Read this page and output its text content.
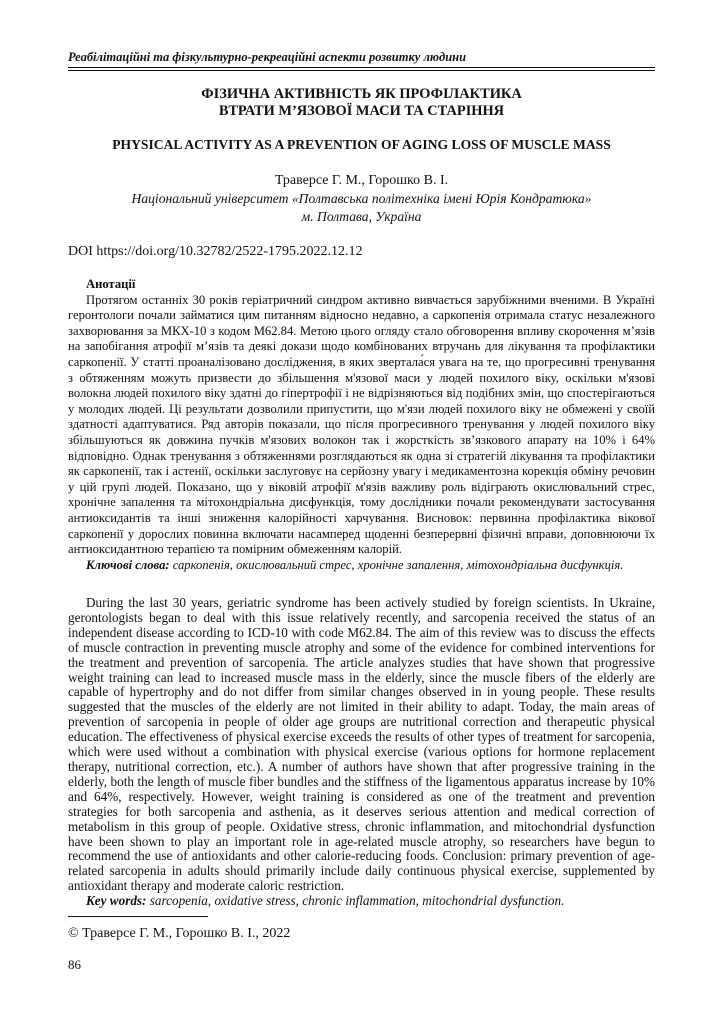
Реабілітаційні та фізкультурно-рекреаційні аспекти розвитку людини
ФІЗИЧНА АКТИВНІСТЬ ЯК ПРОФІЛАКТИКА
ВТРАТИ М’ЯЗОВОЇ МАСИ ТА СТАРІННЯ
PHYSICAL ACTIVITY AS A PREVENTION OF AGING LOSS OF MUSCLE MASS
Траверсе Г. М., Горошко В. І.
Національний університет «Полтавська політехніка імені Юрія Кондратюка»
м. Полтава, Україна
DOI https://doi.org/10.32782/2522-1795.2022.12.12
Анотації

Протягом останніх 30 років геріатричний синдром активно вивчається зарубіжними вченими. В Україні геронтологи почали займатися цим питанням відносно недавно, а саркопенія отримала статус незалежного захворювання за МКХ-10 з кодом M62.84. Метою цього огляду стало обговорення впливу скорочення м’язів на запобігання атрофії м’язів та деякі докази щодо комбінованих втручань для лікування та профілактики саркопенії. У статті проаналізовано дослідження, в яких звертала́ся увага на те, що прогресивні тренування з обтяженням можуть призвести до збільшення м'язової маси у людей похилого віку, оскільки м'язові волокна людей похилого віку здатні до гіпертрофії і не відрізняються від подібних змін, що спостерігаються у молодих людей. Ці результати дозволили припустити, що м'язи людей похилого віку не обмежені у своїй здатності адаптуватися. Ряд авторів показали, що після прогресивного тренування у людей похилого віку збільшуються як довжина пучків м'язових волокон так і жорсткість зв’язкового апарату на 10% і 64% відповідно. Однак тренування з обтяженнями розглядаються як одна зі стратегій лікування та профілактики як саркопенії, так і астенії, оскільки заслуговує на серйозну увагу і медикаментозна корекція обміну речовин у цій групі людей. Показано, що у віковій атрофії м'язів важливу роль відіграють окислювальний стрес, хронічне запалення та мітохондріальна дисфункція, тому дослідники почали рекомендувати застосування антиоксидантів та інші зниження калорійності харчування. Висновок: первинна профілактика вікової саркопенії у дорослих повинна включати насамперед щоденні безперервні фізичні вправи, доповнюючи їх антиоксидантною терапією та помірним обмеженням калорій.

Ключові слова: саркопенія, окислювальний стрес, хронічне запалення, мітохондріальна дисфункція.

During the last 30 years, geriatric syndrome has been actively studied by foreign scientists. In Ukraine, gerontologists began to deal with this issue relatively recently, and sarcopenia received the status of an independent disease according to ICD-10 with code M62.84. The aim of this review was to discuss the effects of muscle contraction in preventing muscle atrophy and some of the evidence for combined interventions for the treatment and prevention of sarcopenia. The article analyzes studies that have shown that progressive weight training can lead to increased muscle mass in the elderly, since the muscle fibers of the elderly are capable of hypertrophy and do not differ from similar changes observed in in young people. These results suggested that the muscles of the elderly are not limited in their ability to adapt. Today, the main areas of prevention of sarcopenia in people of older age groups are nutritional correction and therapeutic physical education. The effectiveness of physical exercise exceeds the results of other types of treatment for sarcopenia, which were used without a combination with physical exercise (various options for hormone replacement therapy, nutritional correction, etc.). A number of authors have shown that after progressive training in the elderly, both the length of muscle fiber bundles and the stiffness of the ligamentous apparatus increase by 10% and 64%, respectively. However, weight training is considered as one of the treatment and prevention strategies for both sarcopenia and asthenia, as it deserves serious attention and medical correction of metabolism in this group of people. Oxidative stress, chronic inflammation, and mitochondrial dysfunction have been shown to play an important role in age-related muscle atrophy, so researchers have begun to recommend the use of antioxidants and other calorie-reducing foods. Conclusion: primary prevention of age-related sarcopenia in adults should primarily include daily continuous physical exercise, supplemented by antioxidant therapy and moderate caloric restriction.

Key words: sarcopenia, oxidative stress, chronic inflammation, mitochondrial dysfunction.

© Траверсе Г. М., Горошко В. І., 2022
86
